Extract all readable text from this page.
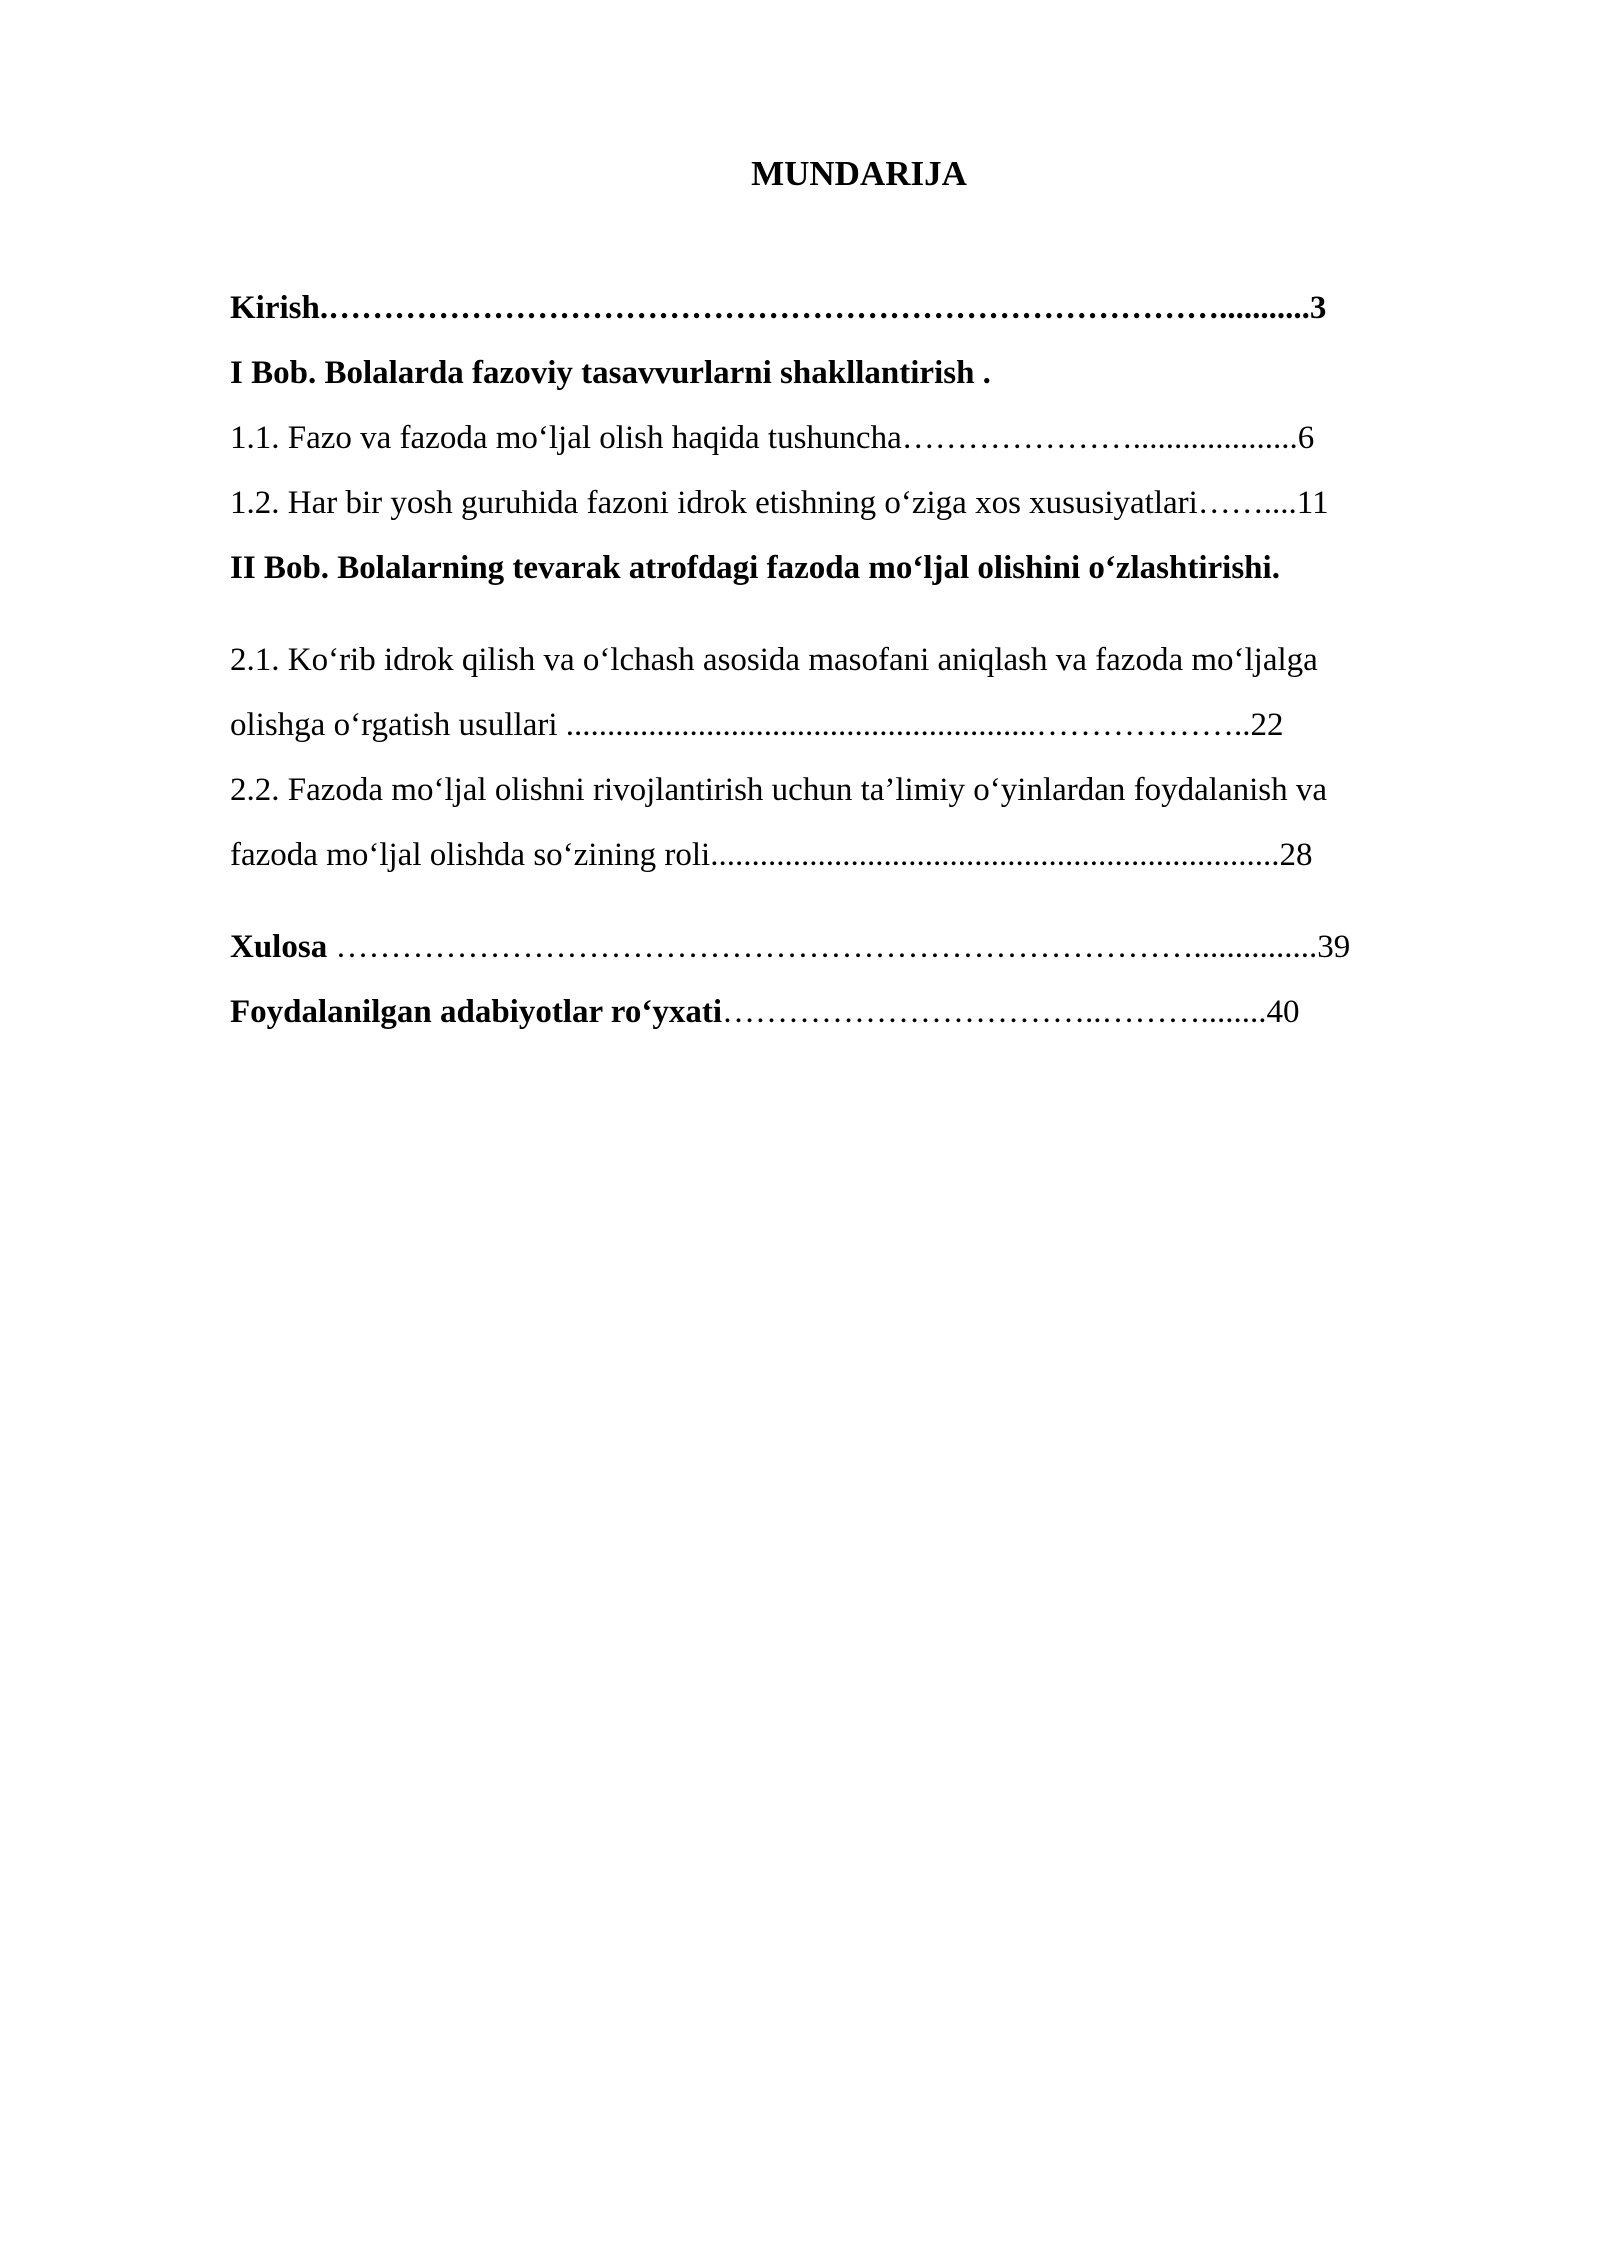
MUNDARIJA
Kirish.………………………………………………………………………...........3
I Bob. Bolalarda fazoviy tasavvurlarni shakllantirish .
1.1. Fazo va fazoda mo‘ljal olish haqida tushuncha…………………....................6
1.2. Har bir yosh guruhida fazoni idrok etishning o‘ziga xos xususiyatlari……....11
II Bob. Bolalarning tevarak atrofdagi fazoda mo‘ljal olishini o‘zlashtirishi.
2.1. Ko‘rib idrok qilish va o‘lchash asosida masofani aniqlash va fazoda mo‘ljalga
olishga o‘rgatish usullari .........................................................………………..22
2.2. Fazoda mo‘ljal olishni rivojlantirish uchun ta’limiy o‘yinlardan foydalanish va
fazoda mo‘ljal olishda so‘zining roli.....................................................................28
Xulosa ……………………………………………………………………...............39
Foydalanilgan adabiyotlar ro‘yxati……………………………..………........40
